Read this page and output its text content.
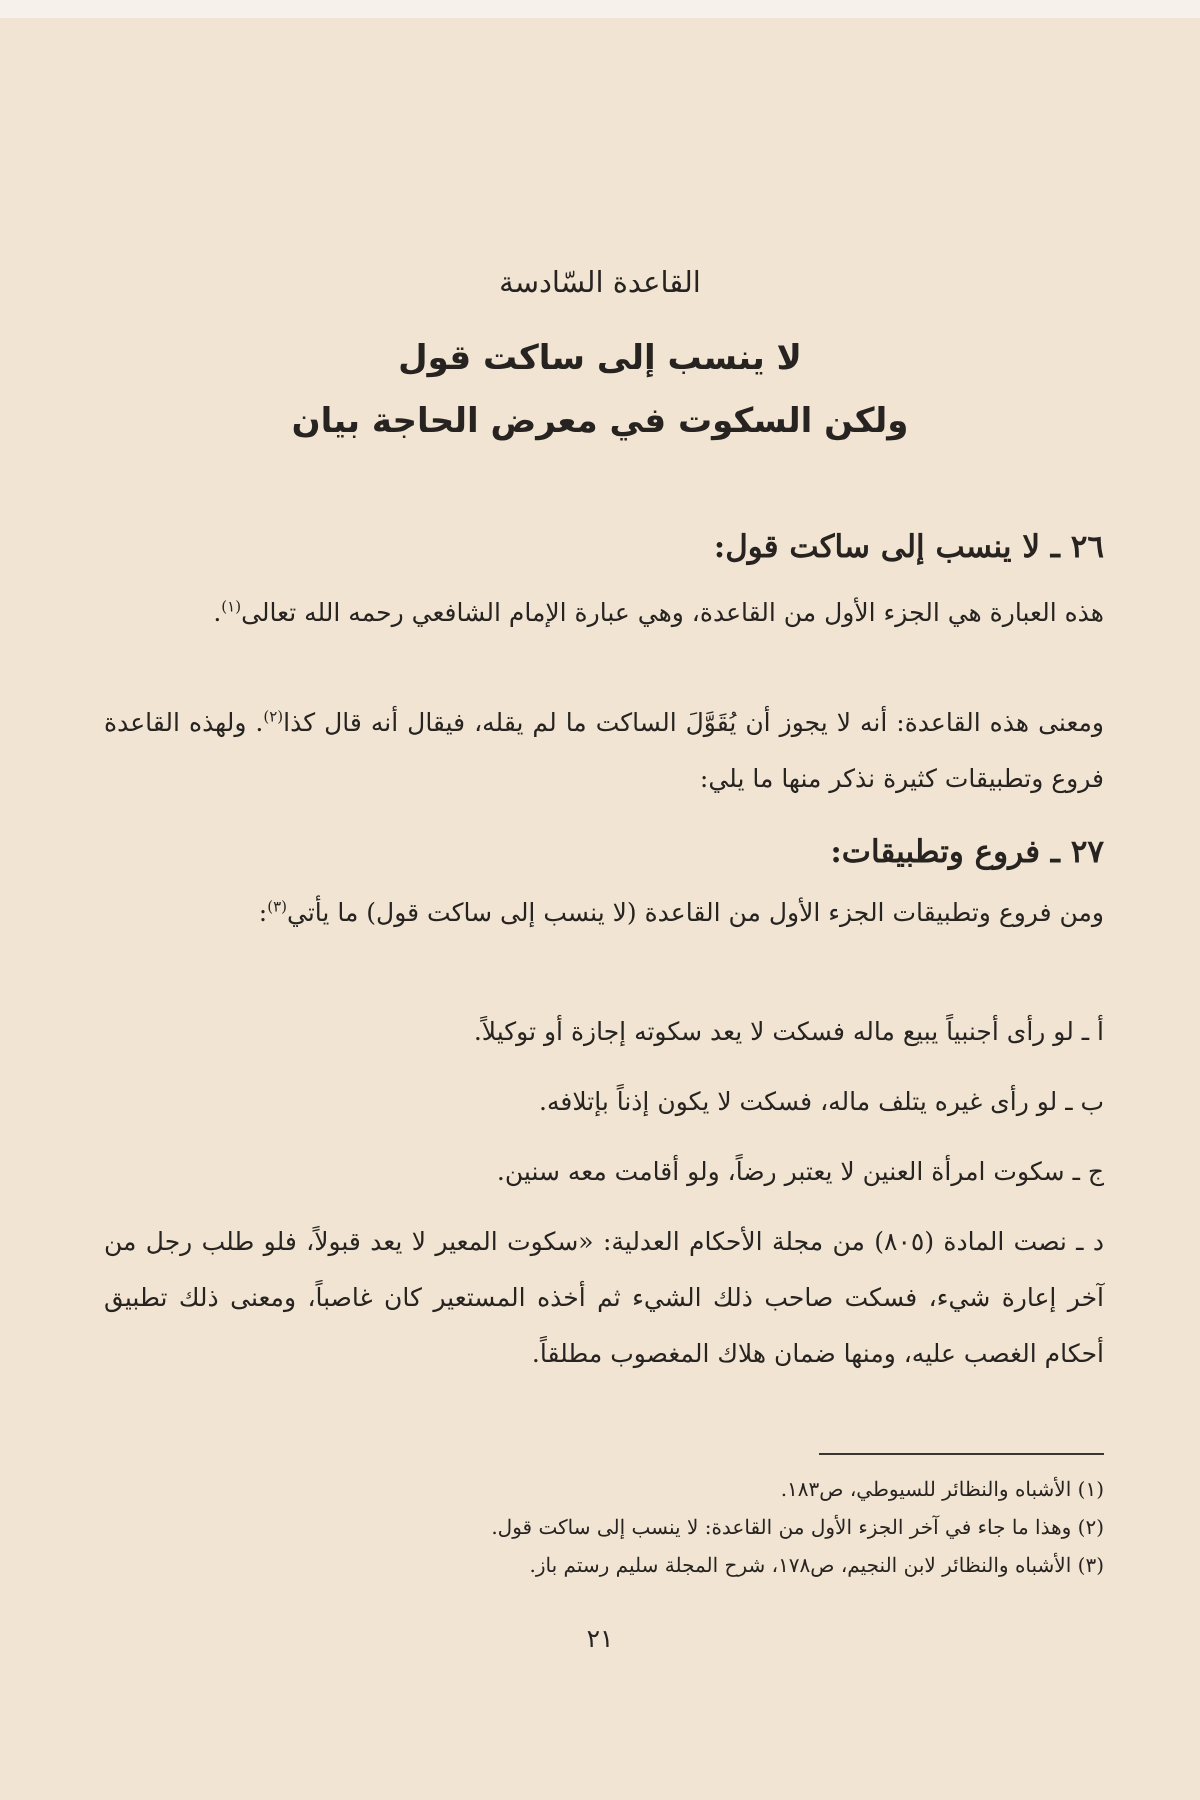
القاعدة السّادسة
لا ينسب إلى ساكت قول
ولكن السكوت في معرض الحاجة بيان

٢٦ ـ لا ينسب إلى ساكت قول:

هذه العبارة هي الجزء الأول من القاعدة، وهي عبارة الإمام الشافعي رحمه الله تعالى$^{(١)}$.

ومعنى هذه القاعدة: أنه لا يجوز أن يُقَوَّلَ الساكت ما لم يقله، فيقال أنه قال كذا$^{(٢)}$. ولهذه القاعدة فروع وتطبيقات كثيرة نذكر منها ما يلي:

٢٧ ـ فروع وتطبيقات:

ومن فروع وتطبيقات الجزء الأول من القاعدة (لا ينسب إلى ساكت قول) ما يأتي$^{(٣)}$:

أ ـ لو رأى أجنبياً يبيع ماله فسكت لا يعد سكوته إجازة أو توكيلاً.

ب ـ لو رأى غيره يتلف ماله، فسكت لا يكون إذناً بإتلافه.

ج ـ سكوت امرأة العنين لا يعتبر رضاً، ولو أقامت معه سنين.

د ـ نصت المادة (٨٠٥) من مجلة الأحكام العدلية: «سكوت المعير لا يعد قبولاً، فلو طلب رجل من آخر إعارة شيء، فسكت صاحب ذلك الشيء ثم أخذه المستعير كان غاصباً، ومعنى ذلك تطبيق أحكام الغصب عليه، ومنها ضمان هلاك المغصوب مطلقاً.

(١) الأشباه والنظائر للسيوطي، ص١٨٣.

(٢) وهذا ما جاء في آخر الجزء الأول من القاعدة: لا ينسب إلى ساكت قول.

(٣) الأشباه والنظائر لابن النجيم، ص١٧٨، شرح المجلة سليم رستم باز.

٢١
